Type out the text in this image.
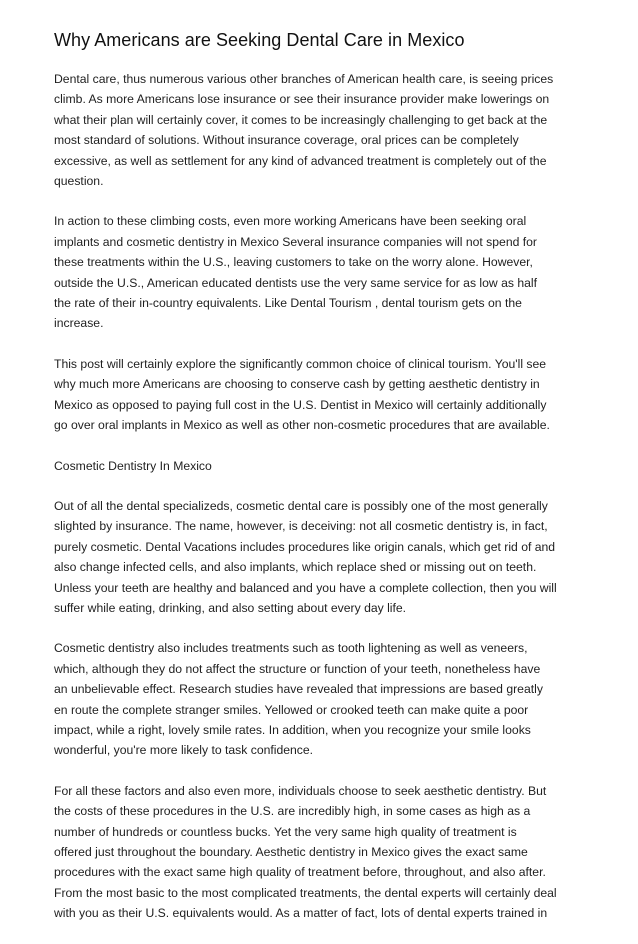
Why Americans are Seeking Dental Care in Mexico

Dental care, thus numerous various other branches of American health care, is seeing prices
climb. As more Americans lose insurance or see their insurance provider make lowerings on
what their plan will certainly cover, it comes to be increasingly challenging to get back at the
most standard of solutions. Without insurance coverage, oral prices can be completely
excessive, as well as settlement for any kind of advanced treatment is completely out of the
question.

In action to these climbing costs, even more working Americans have been seeking oral
implants and cosmetic dentistry in Mexico Several insurance companies will not spend for
these treatments within the U.S., leaving customers to take on the worry alone. However,
outside the U.S., American educated dentists use the very same service for as low as half
the rate of their in-country equivalents. Like Dental Tourism , dental tourism gets on the
increase.

This post will certainly explore the significantly common choice of clinical tourism. You'll see
why much more Americans are choosing to conserve cash by getting aesthetic dentistry in
Mexico as opposed to paying full cost in the U.S. Dentist in Mexico will certainly additionally
go over oral implants in Mexico as well as other non-cosmetic procedures that are available.

Cosmetic Dentistry In Mexico

Out of all the dental specializeds, cosmetic dental care is possibly one of the most generally
slighted by insurance. The name, however, is deceiving: not all cosmetic dentistry is, in fact,
purely cosmetic. Dental Vacations includes procedures like origin canals, which get rid of and
also change infected cells, and also implants, which replace shed or missing out on teeth.
Unless your teeth are healthy and balanced and you have a complete collection, then you will
suffer while eating, drinking, and also setting about every day life.

Cosmetic dentistry also includes treatments such as tooth lightening as well as veneers,
which, although they do not affect the structure or function of your teeth, nonetheless have
an unbelievable effect. Research studies have revealed that impressions are based greatly
en route the complete stranger smiles. Yellowed or crooked teeth can make quite a poor
impact, while a right, lovely smile rates. In addition, when you recognize your smile looks
wonderful, you're more likely to task confidence.

For all these factors and also even more, individuals choose to seek aesthetic dentistry. But
the costs of these procedures in the U.S. are incredibly high, in some cases as high as a
number of hundreds or countless bucks. Yet the very same high quality of treatment is
offered just throughout the boundary. Aesthetic dentistry in Mexico gives the exact same
procedures with the exact same high quality of treatment before, throughout, and also after.
From the most basic to the most complicated treatments, the dental experts will certainly deal
with you as their U.S. equivalents would. As a matter of fact, lots of dental experts trained in
